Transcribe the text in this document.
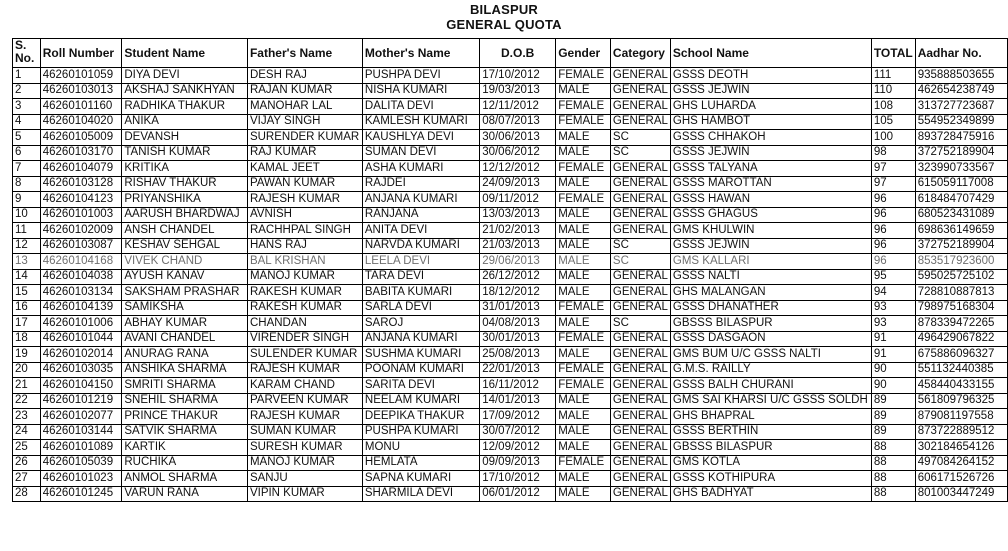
BILASPUR
GENERAL QUOTA
S.
No.	Roll Number	Student Name	Father's Name	Mother's Name	D.O.B	Gender	Category	School Name	TOTAL	Aadhar No.
1	46260101059	DIYA DEVI	DESH RAJ	PUSHPA DEVI	17/10/2012	FEMALE	GENERAL	GSSS DEOTH	111	935888503655
2	46260103013	AKSHAJ SANKHYAN	RAJAN KUMAR	NISHA KUMARI	19/03/2013	MALE	GENERAL	GSSS JEJWIN	110	462654238749
3	46260101160	RADHIKA THAKUR	MANOHAR LAL	DALITA DEVI	12/11/2012	FEMALE	GENERAL	GHS LUHARDA	108	313727723687
4	46260104020	ANIKA	VIJAY SINGH	KAMLESH KUMARI	08/07/2013	FEMALE	GENERAL	GHS HAMBOT	105	554952349899
5	46260105009	DEVANSH	SURENDER KUMAR	KAUSHLYA DEVI	30/06/2013	MALE	SC	GSSS CHHAKOH	100	893728475916
6	46260103170	TANISH KUMAR	RAJ KUMAR	SUMAN DEVI	30/06/2012	MALE	SC	GSSS JEJWIN	98	372752189904
7	46260104079	KRITIKA	KAMAL JEET	ASHA KUMARI	12/12/2012	FEMALE	GENERAL	GSSS TALYANA	97	323990733567
8	46260103128	RISHAV THAKUR	PAWAN KUMAR	RAJDEI	24/09/2013	MALE	GENERAL	GSSS MAROTTAN	97	615059117008
9	46260104123	PRIYANSHIKA	RAJESH KUMAR	ANJANA KUMARI	09/11/2012	FEMALE	GENERAL	GSSS HAWAN	96	618484707429
10	46260101003	AARUSH BHARDWAJ	AVNISH	RANJANA	13/03/2013	MALE	GENERAL	GSSS GHAGUS	96	680523431089
11	46260102009	ANSH CHANDEL	RACHHPAL SINGH	ANITA DEVI	21/02/2013	MALE	GENERAL	GMS KHULWIN	96	698636149659
12	46260103087	KESHAV SEHGAL	HANS RAJ	NARVDA KUMARI	21/03/2013	MALE	SC	GSSS JEJWIN	96	372752189904
13	46260104168	VIVEK CHAND	BAL KRISHAN	LEELA DEVI	29/06/2013	MALE	SC	GMS KALLARI	96	853517923600
14	46260104038	AYUSH KANAV	MANOJ KUMAR	TARA DEVI	26/12/2012	MALE	GENERAL	GSSS NALTI	95	595025725102
15	46260103134	SAKSHAM PRASHAR	RAKESH KUMAR	BABITA KUMARI	18/12/2012	MALE	GENERAL	GHS MALANGAN	94	728810887813
16	46260104139	SAMIKSHA	RAKESH KUMAR	SARLA DEVI	31/01/2013	FEMALE	GENERAL	GSSS DHANATHER	93	798975168304
17	46260101006	ABHAY KUMAR	CHANDAN	SAROJ	04/08/2013	MALE	SC	GBSSS BILASPUR	93	878339472265
18	46260101044	AVANI CHANDEL	VIRENDER SINGH	ANJANA KUMARI	30/01/2013	FEMALE	GENERAL	GSSS DASGAON	91	496429067822
19	46260102014	ANURAG RANA	SULENDER KUMAR	SUSHMA KUMARI	25/08/2013	MALE	GENERAL	GMS BUM U/C GSSS NALTI	91	675886096327
20	46260103035	ANSHIKA SHARMA	RAJESH KUMAR	POONAM KUMARI	22/01/2013	FEMALE	GENERAL	G.M.S. RAILLY	90	551132440385
21	46260104150	SMRITI SHARMA	KARAM CHAND	SARITA DEVI	16/11/2012	FEMALE	GENERAL	GSSS BALH CHURANI	90	458440433155
22	46260101219	SNEHIL SHARMA	PARVEEN KUMAR	NEELAM KUMARI	14/01/2013	MALE	GENERAL	GMS SAI KHARSI U/C GSSS SOLDH	89	561809796325
23	46260102077	PRINCE THAKUR	RAJESH KUMAR	DEEPIKA THAKUR	17/09/2012	MALE	GENERAL	GHS BHAPRAL	89	879081197558
24	46260103144	SATVIK SHARMA	SUMAN KUMAR	PUSHPA KUMARI	30/07/2012	MALE	GENERAL	GSSS BERTHIN	89	873722889512
25	46260101089	KARTIK	SURESH KUMAR	MONU	12/09/2012	MALE	GENERAL	GBSSS BILASPUR	88	302184654126
26	46260105039	RUCHIKA	MANOJ KUMAR	HEMLATA	09/09/2013	FEMALE	GENERAL	GMS KOTLA	88	497084264152
27	46260101023	ANMOL SHARMA	SANJU	SAPNA KUMARI	17/10/2012	MALE	GENERAL	GSSS KOTHIPURA	88	606171526726
28	46260101245	VARUN RANA	VIPIN KUMAR	SHARMILA DEVI	06/01/2012	MALE	GENERAL	GHS BADHYAT	88	801003447249
